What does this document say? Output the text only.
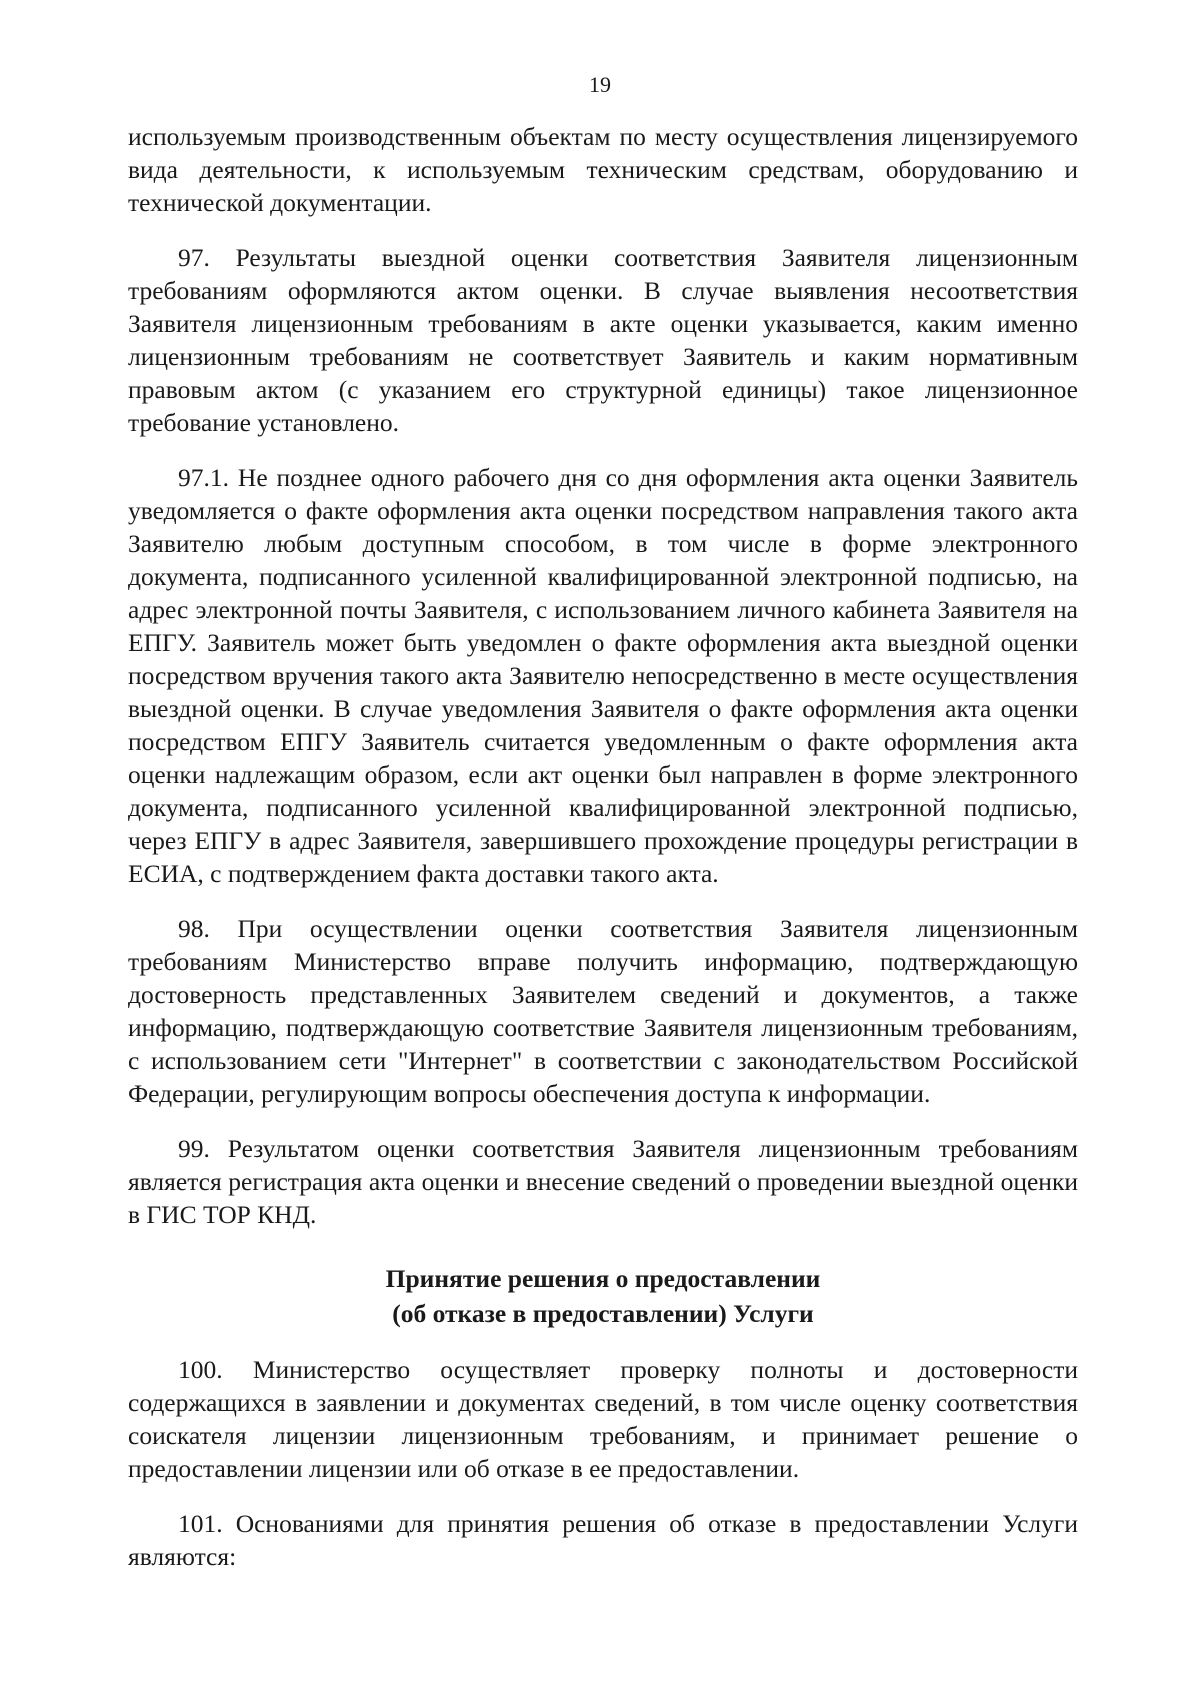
19

используемым производственным объектам по месту осуществления лицензируемого вида деятельности, к используемым техническим средствам, оборудованию и технической документации.

97. Результаты выездной оценки соответствия Заявителя лицензионным требованиям оформляются актом оценки. В случае выявления несоответствия Заявителя лицензионным требованиям в акте оценки указывается, каким именно лицензионным требованиям не соответствует Заявитель и каким нормативным правовым актом (с указанием его структурной единицы) такое лицензионное требование установлено.

97.1. Не позднее одного рабочего дня со дня оформления акта оценки Заявитель уведомляется о факте оформления акта оценки посредством направления такого акта Заявителю любым доступным способом, в том числе в форме электронного документа, подписанного усиленной квалифицированной электронной подписью, на адрес электронной почты Заявителя, с использованием личного кабинета Заявителя на ЕПГУ. Заявитель может быть уведомлен о факте оформления акта выездной оценки посредством вручения такого акта Заявителю непосредственно в месте осуществления выездной оценки. В случае уведомления Заявителя о факте оформления акта оценки посредством ЕПГУ Заявитель считается уведомленным о факте оформления акта оценки надлежащим образом, если акт оценки был направлен в форме электронного документа, подписанного усиленной квалифицированной электронной подписью, через ЕПГУ в адрес Заявителя, завершившего прохождение процедуры регистрации в ЕСИА, с подтверждением факта доставки такого акта.

98. При осуществлении оценки соответствия Заявителя лицензионным требованиям Министерство вправе получить информацию, подтверждающую достоверность представленных Заявителем сведений и документов, а также информацию, подтверждающую соответствие Заявителя лицензионным требованиям, с использованием сети "Интернет" в соответствии с законодательством Российской Федерации, регулирующим вопросы обеспечения доступа к информации.

99. Результатом оценки соответствия Заявителя лицензионным требованиям является регистрация акта оценки и внесение сведений о проведении выездной оценки в ГИС ТОР КНД.

Принятие решения о предоставлении
(об отказе в предоставлении) Услуги

100. Министерство осуществляет проверку полноты и достоверности содержащихся в заявлении и документах сведений, в том числе оценку соответствия соискателя лицензии лицензионным требованиям, и принимает решение о предоставлении лицензии или об отказе в ее предоставлении.

101. Основаниями для принятия решения об отказе в предоставлении Услуги являются:
